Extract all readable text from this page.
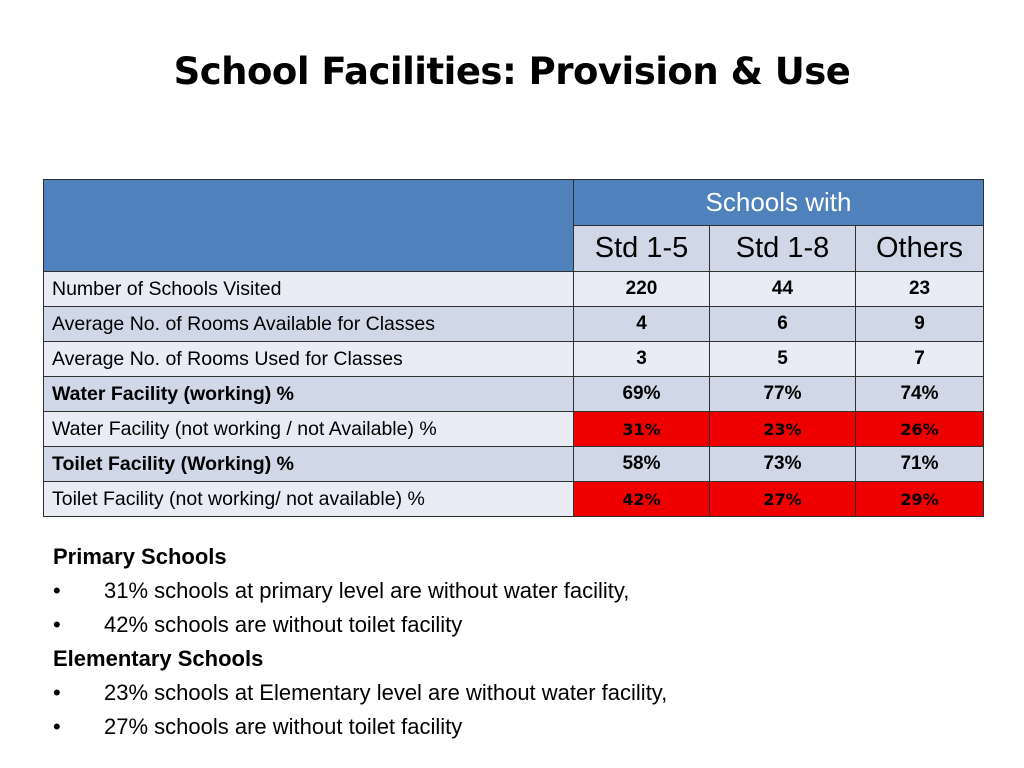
School Facilities: Provision & Use
	Schools with		
	Std 1-5	Std 1-8	Others
Number of Schools Visited	220	44	23
Average No. of Rooms Available for Classes	4	6	9
Average No. of Rooms Used for Classes	3	5	7
Water Facility (working) %	69%	77%	74%
Water Facility (not working / not Available) %	31%	23%	26%
Toilet Facility (Working) %	58%	73%	71%
Toilet Facility (not working/ not available) %	42%	27%	29%
Primary Schools
•	31% schools at primary level are without water facility,
•	42% schools are without toilet facility
Elementary Schools
•	23% schools at Elementary level are without water facility,
•	27% schools are without toilet facility
